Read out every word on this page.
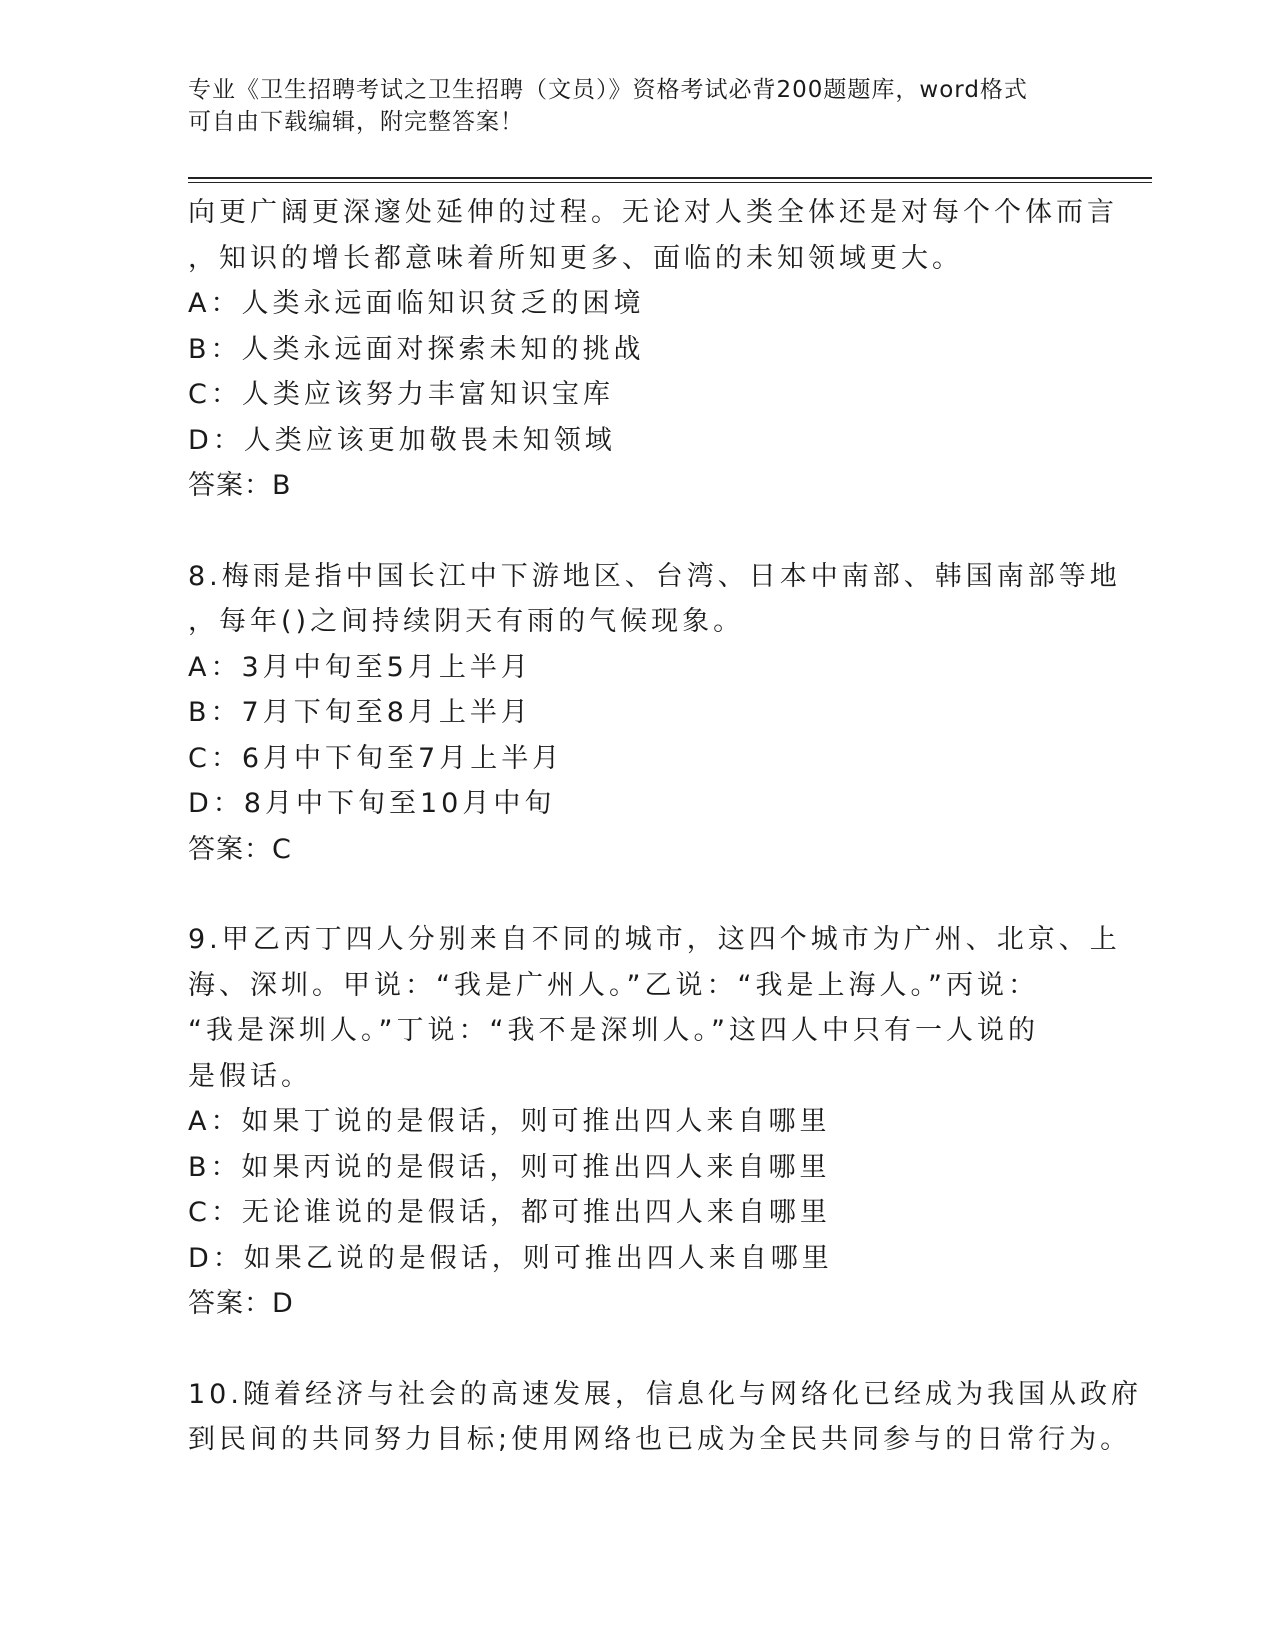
专业《卫生招聘考试之卫生招聘（文员）》资格考试必背200题题库，word格式
可自由下载编辑，附完整答案！
向更广阔更深邃处延伸的过程。无论对人类全体还是对每个个体而言
，知识的增长都意味着所知更多、面临的未知领域更大。
A：人类永远面临知识贫乏的困境
B：人类永远面对探索未知的挑战
C：人类应该努力丰富知识宝库
D：人类应该更加敬畏未知领域
答案：B
8.梅雨是指中国长江中下游地区、台湾、日本中南部、韩国南部等地
，每年()之间持续阴天有雨的气候现象。
A：3月中旬至5月上半月
B：7月下旬至8月上半月
C：6月中下旬至7月上半月
D：8月中下旬至10月中旬
答案：C
9.甲乙丙丁四人分别来自不同的城市，这四个城市为广州、北京、上
海、深圳。甲说：“我是广州人。”乙说：“我是上海人。”丙说：
“我是深圳人。”丁说：“我不是深圳人。”这四人中只有一人说的
是假话。
A：如果丁说的是假话，则可推出四人来自哪里
B：如果丙说的是假话，则可推出四人来自哪里
C：无论谁说的是假话，都可推出四人来自哪里
D：如果乙说的是假话，则可推出四人来自哪里
答案：D
10.随着经济与社会的高速发展，信息化与网络化已经成为我国从政府
到民间的共同努力目标;使用网络也已成为全民共同参与的日常行为。
